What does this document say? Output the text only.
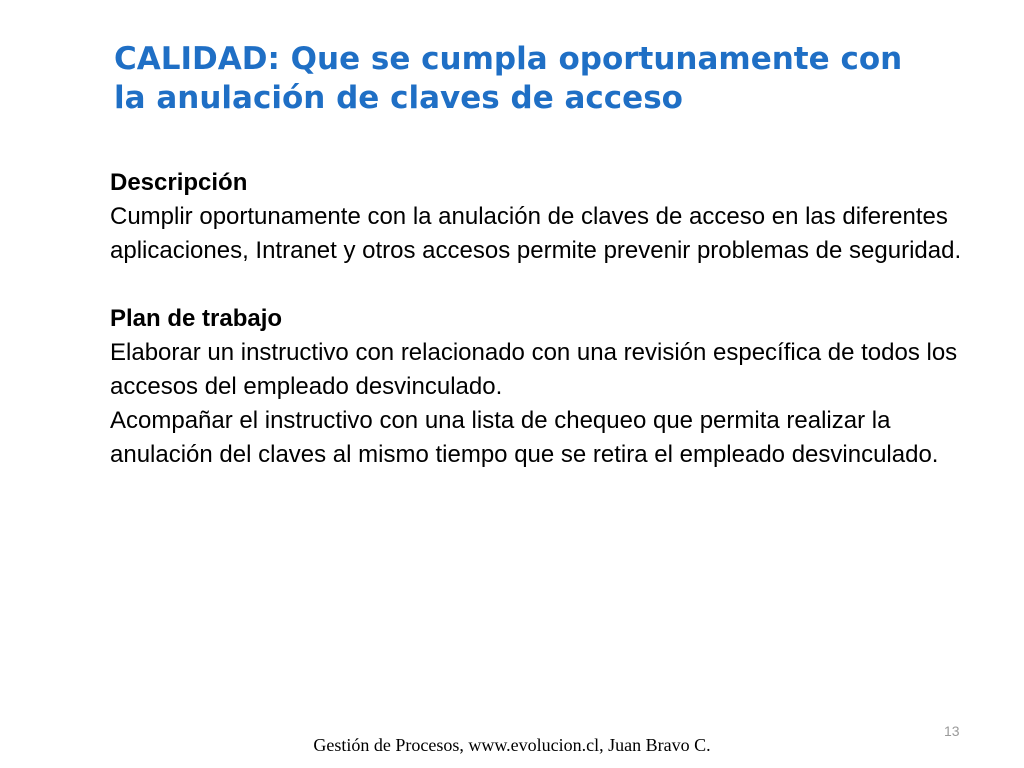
CALIDAD: Que se cumpla oportunamente con
la anulación de claves de acceso

Descripción

Cumplir oportunamente con la anulación de claves de acceso en las diferentes aplicaciones, Intranet y otros accesos permite prevenir problemas de seguridad.

Plan de trabajo

Elaborar un instructivo con relacionado con una revisión específica de todos los accesos del empleado desvinculado.

Acompañar el instructivo con una lista de chequeo que permita realizar la anulación del claves al mismo tiempo que se retira el empleado desvinculado.

13
Gestión de Procesos, www.evolucion.cl, Juan Bravo C.
